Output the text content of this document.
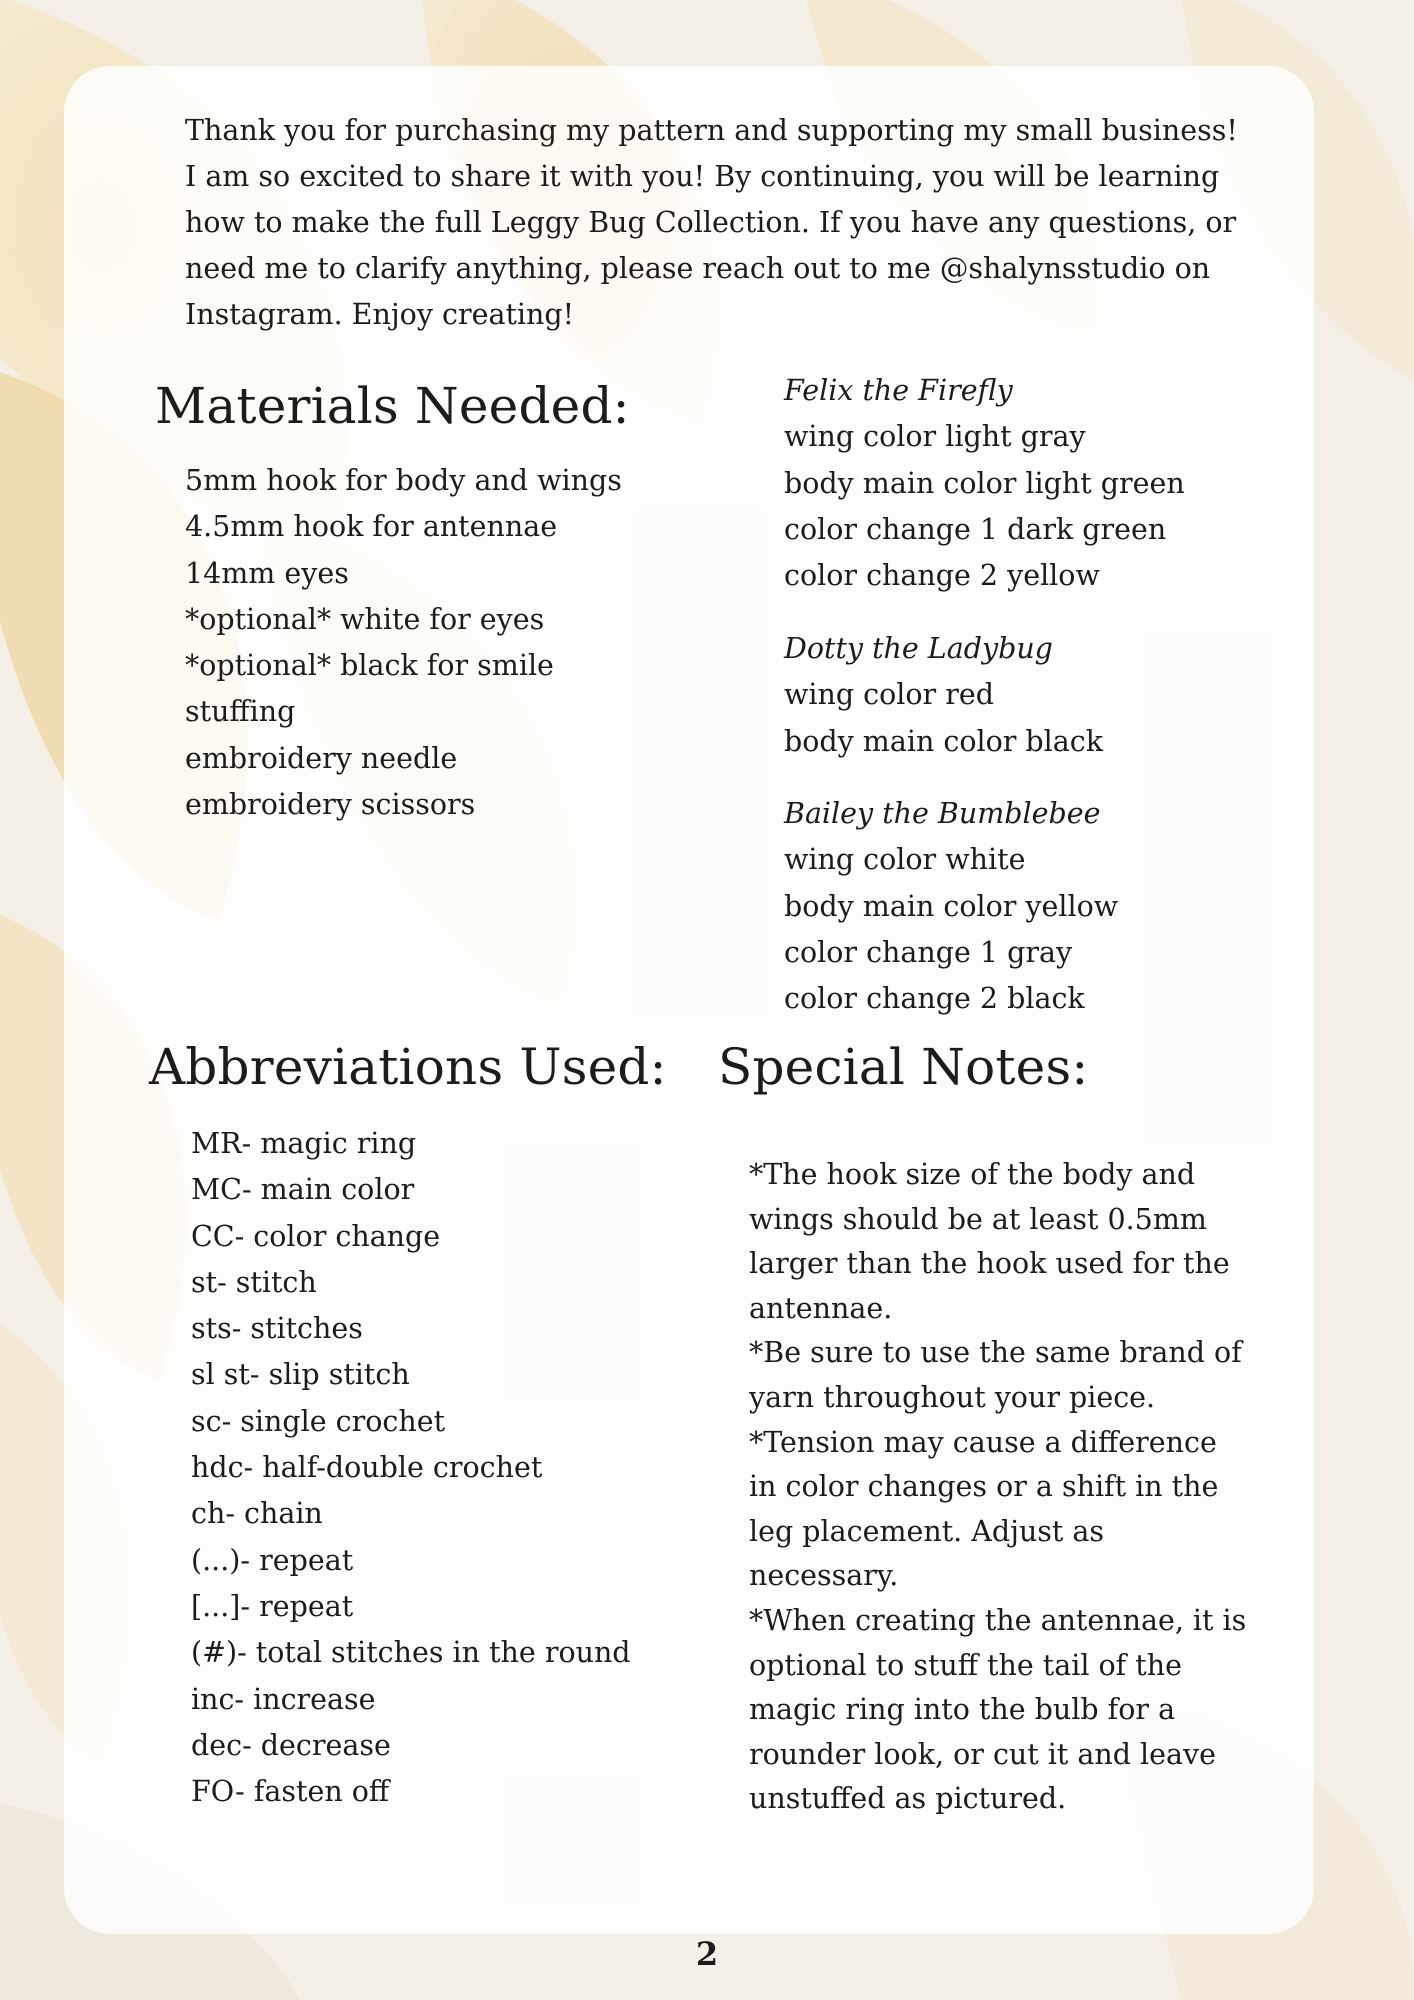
Thank you for purchasing my pattern and supporting my small business! I am so excited to share it with you! By continuing, you will be learning how to make the full Leggy Bug Collection. If you have any questions, or need me to clarify anything, please reach out to me @shalynsstudio on Instagram. Enjoy creating!

Materials Needed:
5mm hook for body and wings
4.5mm hook for antennae
14mm eyes
*optional* white for eyes
*optional* black for smile
stuffing
embroidery needle
embroidery scissors
Felix the Firefly
wing color light gray
body main color light green
color change 1 dark green
color change 2 yellow
Dotty the Ladybug
wing color red
body main color black
Bailey the Bumblebee
wing color white
body main color yellow
color change 1 gray
color change 2 black
Abbreviations Used:
MR- magic ring
MC- main color
CC- color change
st- stitch
sts- stitches
sl st- slip stitch
sc- single crochet
hdc- half-double crochet
ch- chain
(...)- repeat
[...]- repeat
(#)- total stitches in the round
inc- increase
dec- decrease
FO- fasten off
Special Notes:

*The hook size of the body and wings should be at least 0.5mm larger than the hook used for the antennae.
*Be sure to use the same brand of yarn throughout your piece.
*Tension may cause a difference in color changes or a shift in the leg placement. Adjust as necessary.
*When creating the antennae, it is optional to stuff the tail of the magic ring into the bulb for a rounder look, or cut it and leave unstuffed as pictured.

2
